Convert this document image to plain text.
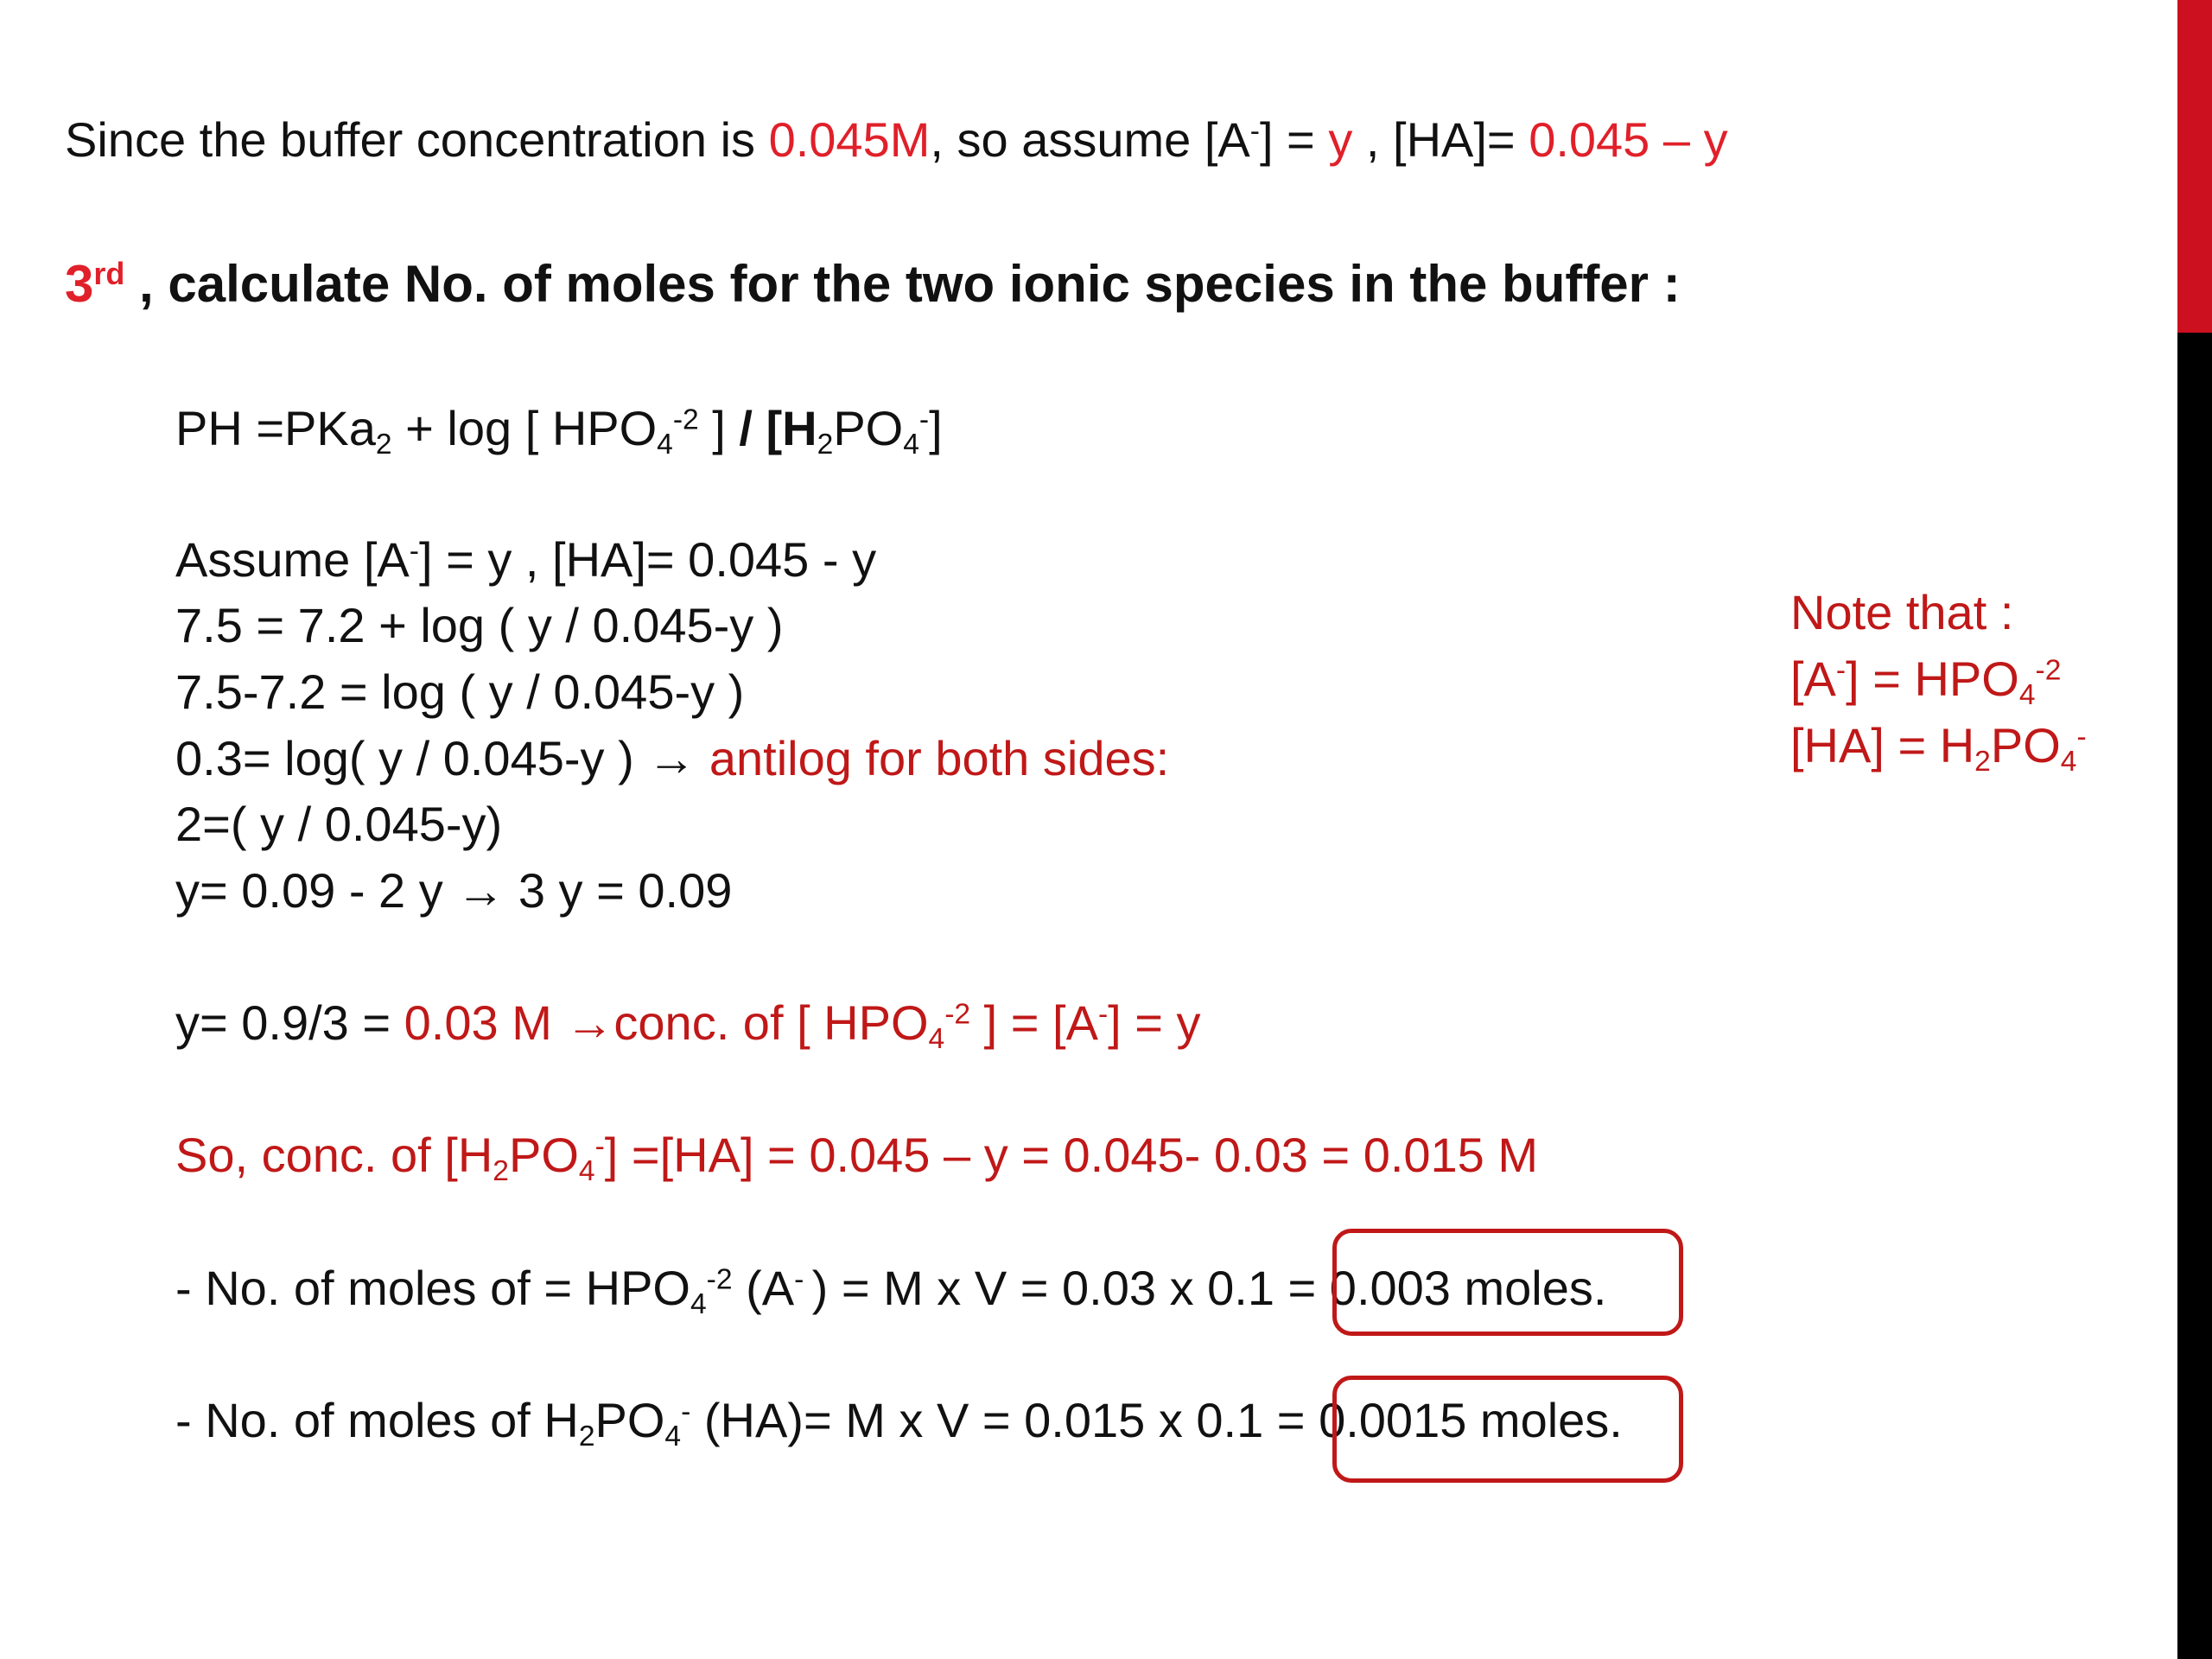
Since the buffer concentration is 0.045M, so assume [A-] = y , [HA]= 0.045 – y
3rd , calculate No. of moles for the two ionic species in the buffer :
PH =PKa$_2$ + log [ $HPO_4^{-2}$ ] / $[H_2PO_4^-]$
Assume [A-] = y , [HA]= 0.045 - y
7.5 = 7.2 + log ( y / 0.045-y )
7.5-7.2 = log ( y / 0.045-y )
0.3= log( y / 0.045-y ) → antilog for both sides:
2=( y / 0.045-y)
y= 0.09 - 2 y → 3 y = 0.09
y= 0.9/3 = 0.03 M →conc. of [ $HPO_4^{-2}$ ] = [A-] = y
So, conc. of $[H_2PO_4^-] =[HA] = 0.045 - y = 0.045-$ 0.03 = 0.015 M
- No. of moles of = $HPO_4^{-2}$ (A- ) = M x V = 0.03 x 0.1 = 0.003 moles.
- No. of moles of $H_2PO_4^-$ (HA)= M x V = 0.015 x 0.1 = 0.0015 moles.
Note that :
$[A^-] = HPO_4^{-2}$
$[HA] = H_2PO_4^-$
